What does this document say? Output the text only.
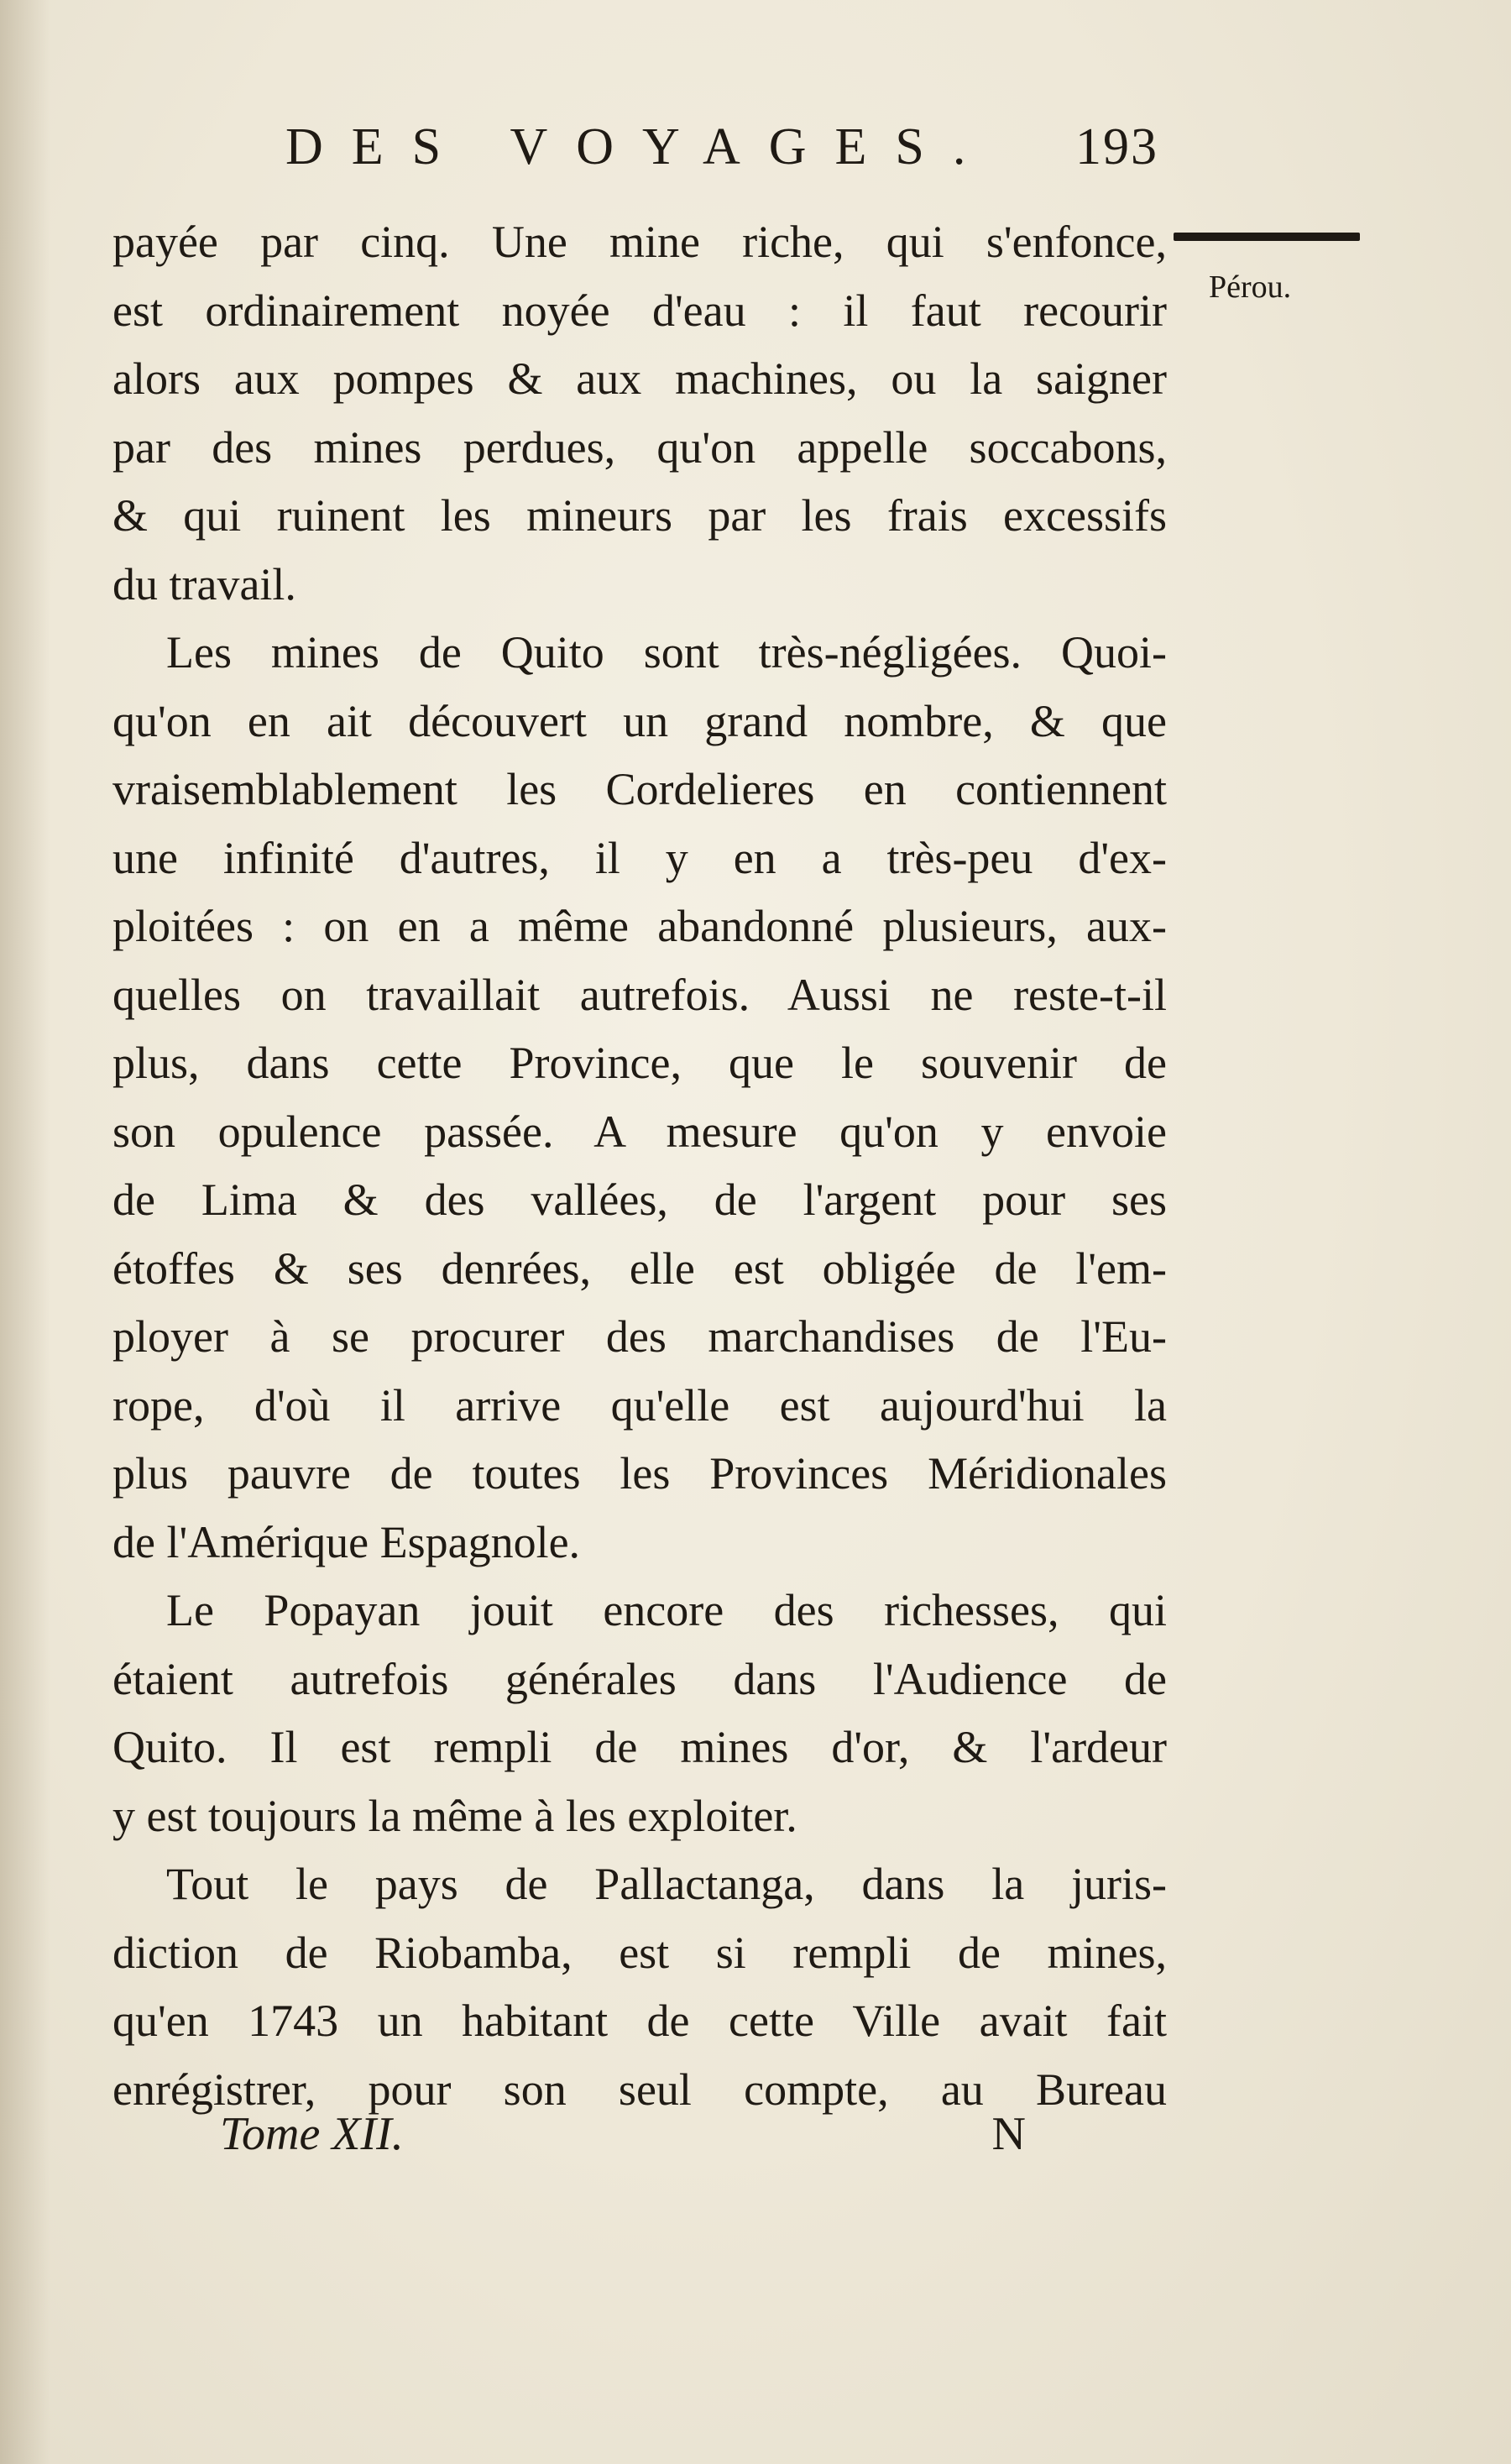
DES VOYAGES. 193
Pérou.
payée par cinq. Une mine riche, qui s'enfonce,
est ordinairement noyée d'eau : il faut recourir
alors aux pompes & aux machines, ou la saigner
par des mines perdues, qu'on appelle soccabons,
& qui ruinent les mineurs par les frais excessifs
du travail.
Les mines de Quito sont très-négligées. Quoi-
qu'on en ait découvert un grand nombre, & que
vraisemblablement les Cordelieres en contiennent
une infinité d'autres, il y en a très-peu d'ex-
ploitées : on en a même abandonné plusieurs, aux-
quelles on travaillait autrefois. Aussi ne reste-t-il
plus, dans cette Province, que le souvenir de
son opulence passée. A mesure qu'on y envoie
de Lima & des vallées, de l'argent pour ses
étoffes & ses denrées, elle est obligée de l'em-
ployer à se procurer des marchandises de l'Eu-
rope, d'où il arrive qu'elle est aujourd'hui la
plus pauvre de toutes les Provinces Méridionales
de l'Amérique Espagnole.
Le Popayan jouit encore des richesses, qui
étaient autrefois générales dans l'Audience de
Quito. Il est rempli de mines d'or, & l'ardeur
y est toujours la même à les exploiter.
Tout le pays de Pallactanga, dans la juris-
diction de Riobamba, est si rempli de mines,
qu'en 1743 un habitant de cette Ville avait fait
enrégistrer, pour son seul compte, au Bureau
Tome XII.	N
